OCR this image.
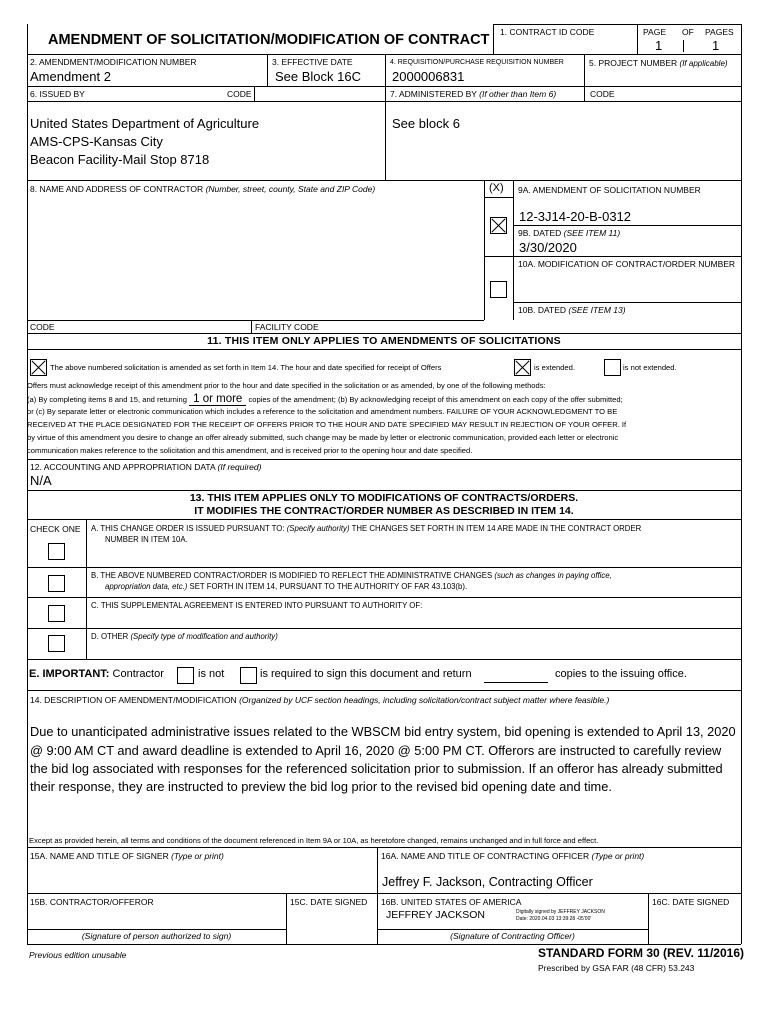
AMENDMENT OF SOLICITATION/MODIFICATION OF CONTRACT 1. CONTRACT ID CODE	PAGE OF PAGES
1	1
2. AMENDMENT/MODIFICATION NUMBER
Amendment 2
3. EFFECTIVE DATE
See Block 16C
4. REQUISITION/PURCHASE REQUISITION NUMBER
2000006831
5. PROJECT NUMBER (If applicable)
6. ISSUED BY	CODE	7. ADMINISTERED BY (If other than Item 6)	CODE
United States Department of Agriculture
AMS-CPS-Kansas City
Beacon Facility-Mail Stop 8718
See block 6
8. NAME AND ADDRESS OF CONTRACTOR (Number, street, county, State and ZIP Code)	(X) 9A. AMENDMENT OF SOLICITATION NUMBER
12-3J14-20-B-0312
9B. DATED (SEE ITEM 11)
3/30/2020
10A. MODIFICATION OF CONTRACT/ORDER NUMBER
10B. DATED (SEE ITEM 13)
CODE	FACILITY CODE
11. THIS ITEM ONLY APPLIES TO AMENDMENTS OF SOLICITATIONS
The above numbered solicitation is amended as set forth in Item 14. The hour and date specified for receipt of Offers	is extended.	is not extended.
Offers must acknowledge receipt of this amendment prior to the hour and date specified in the solicitation or as amended, by one of the following methods:
(a) By completing items 8 and 15, and returning 1 or more copies of the amendment; (b) By acknowledging receipt of this amendment on each copy of the offer submitted;
or (c) By separate letter or electronic communication which includes a reference to the solicitation and amendment numbers. FAILURE OF YOUR ACKNOWLEDGMENT TO BE
RECEIVED AT THE PLACE DESIGNATED FOR THE RECEIPT OF OFFERS PRIOR TO THE HOUR AND DATE SPECIFIED MAY RESULT IN REJECTION OF YOUR OFFER. If
by virtue of this amendment you desire to change an offer already submitted, such change may be made by letter or electronic communication, provided each letter or electronic
communication makes reference to the solicitation and this amendment, and is received prior to the opening hour and date specified.
12. ACCOUNTING AND APPROPRIATION DATA (If required)
N/A
13. THIS ITEM APPLIES ONLY TO MODIFICATIONS OF CONTRACTS/ORDERS.
IT MODIFIES THE CONTRACT/ORDER NUMBER AS DESCRIBED IN ITEM 14.
CHECK ONE A. THIS CHANGE ORDER IS ISSUED PURSUANT TO: (Specify authority) THE CHANGES SET FORTH IN ITEM 14 ARE MADE IN THE CONTRACT ORDER
NUMBER IN ITEM 10A.
B. THE ABOVE NUMBERED CONTRACT/ORDER IS MODIFIED TO REFLECT THE ADMINISTRATIVE CHANGES (such as changes in paying office,
appropriation data, etc.) SET FORTH IN ITEM 14, PURSUANT TO THE AUTHORITY OF FAR 43.103(b).
C. THIS SUPPLEMENTAL AGREEMENT IS ENTERED INTO PURSUANT TO AUTHORITY OF:
D. OTHER (Specify type of modification and authority)
E. IMPORTANT: Contractor	is not	is required to sign this document and return	copies to the issuing office.
14. DESCRIPTION OF AMENDMENT/MODIFICATION (Organized by UCF section headings, including solicitation/contract subject matter where feasible.)
Due to unanticipated administrative issues related to the WBSCM bid entry system, bid opening is extended to April 13, 2020
@ 9:00 AM CT and award deadline is extended to April 16, 2020 @ 5:00 PM CT. Offerors are instructed to carefully review
the bid log associated with responses for the referenced solicitation prior to submission. If an offeror has already submitted
their response, they are instructed to preview the bid log prior to the revised bid opening date and time.
Except as provided herein, all terms and conditions of the document referenced in Item 9A or 10A, as heretofore changed, remains unchanged and in full force and effect.
15A. NAME AND TITLE OF SIGNER (Type or print)	16A. NAME AND TITLE OF CONTRACTING OFFICER (Type or print)
Jeffrey F. Jackson, Contracting Officer
15B. CONTRACTOR/OFFEROR	15C. DATE SIGNED 16B. UNITED STATES OF AMERICA
JEFFREY JACKSON	Digitally signed by JEFFREY JACKSON
Date: 2020.04.03 13:39:28 -05'00'
16C. DATE SIGNED
(Signature of person authorized to sign)	(Signature of Contracting Officer)
Previous edition unusable	STANDARD FORM 30 (REV. 11/2016)
Prescribed by GSA FAR (48 CFR) 53.243
